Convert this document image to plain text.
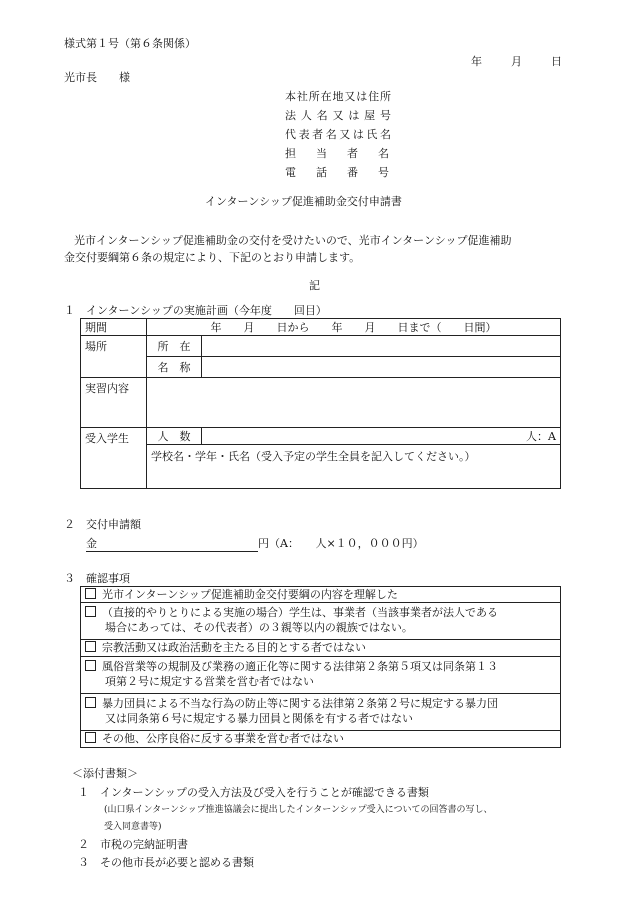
様式第１号（第６条関係）
年	月	日
光市長　　様
本社所在地又は住所
法人名又は屋号
代表者名又は氏名
担当者名
電話番号
インターンシップ促進補助金交付申請書
光市インターンシップ促進補助金の交付を受けたいので、光市インターンシップ促進補助
金交付要綱第６条の規定により、下記のとおり申請します。
記
１　インターンシップの実施計画（今年度　　回目）
期間	年　　月　　日から　　年　　月　　日まで（　　日間）	
場所	所　在	
	名　称	
実習内容		
受入学生	人　数	人：A
	学校名・学年・氏名（受入予定の学生全員を記入してください。）	
２　交付申請額
金	円（A：　　人×１０，０００円）
３　確認事項
光市インターンシップ促進補助金交付要綱の内容を理解した
（直接的やりとりによる実施の場合）学生は、事業者（当該事業者が法人である
場合にあっては、その代表者）の３親等以内の親族ではない。
宗教活動又は政治活動を主たる目的とする者ではない
風俗営業等の規制及び業務の適正化等に関する法律第２条第５項又は同条第１３
項第２号に規定する営業を営む者ではない
暴力団員による不当な行為の防止等に関する法律第２条第２号に規定する暴力団
又は同条第６号に規定する暴力団員と関係を有する者ではない
その他、公序良俗に反する事業を営む者ではない
＜添付書類＞
１　インターンシップの受入方法及び受入を行うことが確認できる書類
(山口県インターンシップ推進協議会に提出したインターンシップ受入についての回答書の写し、
受入同意書等)
２　市税の完納証明書
３　その他市長が必要と認める書類
